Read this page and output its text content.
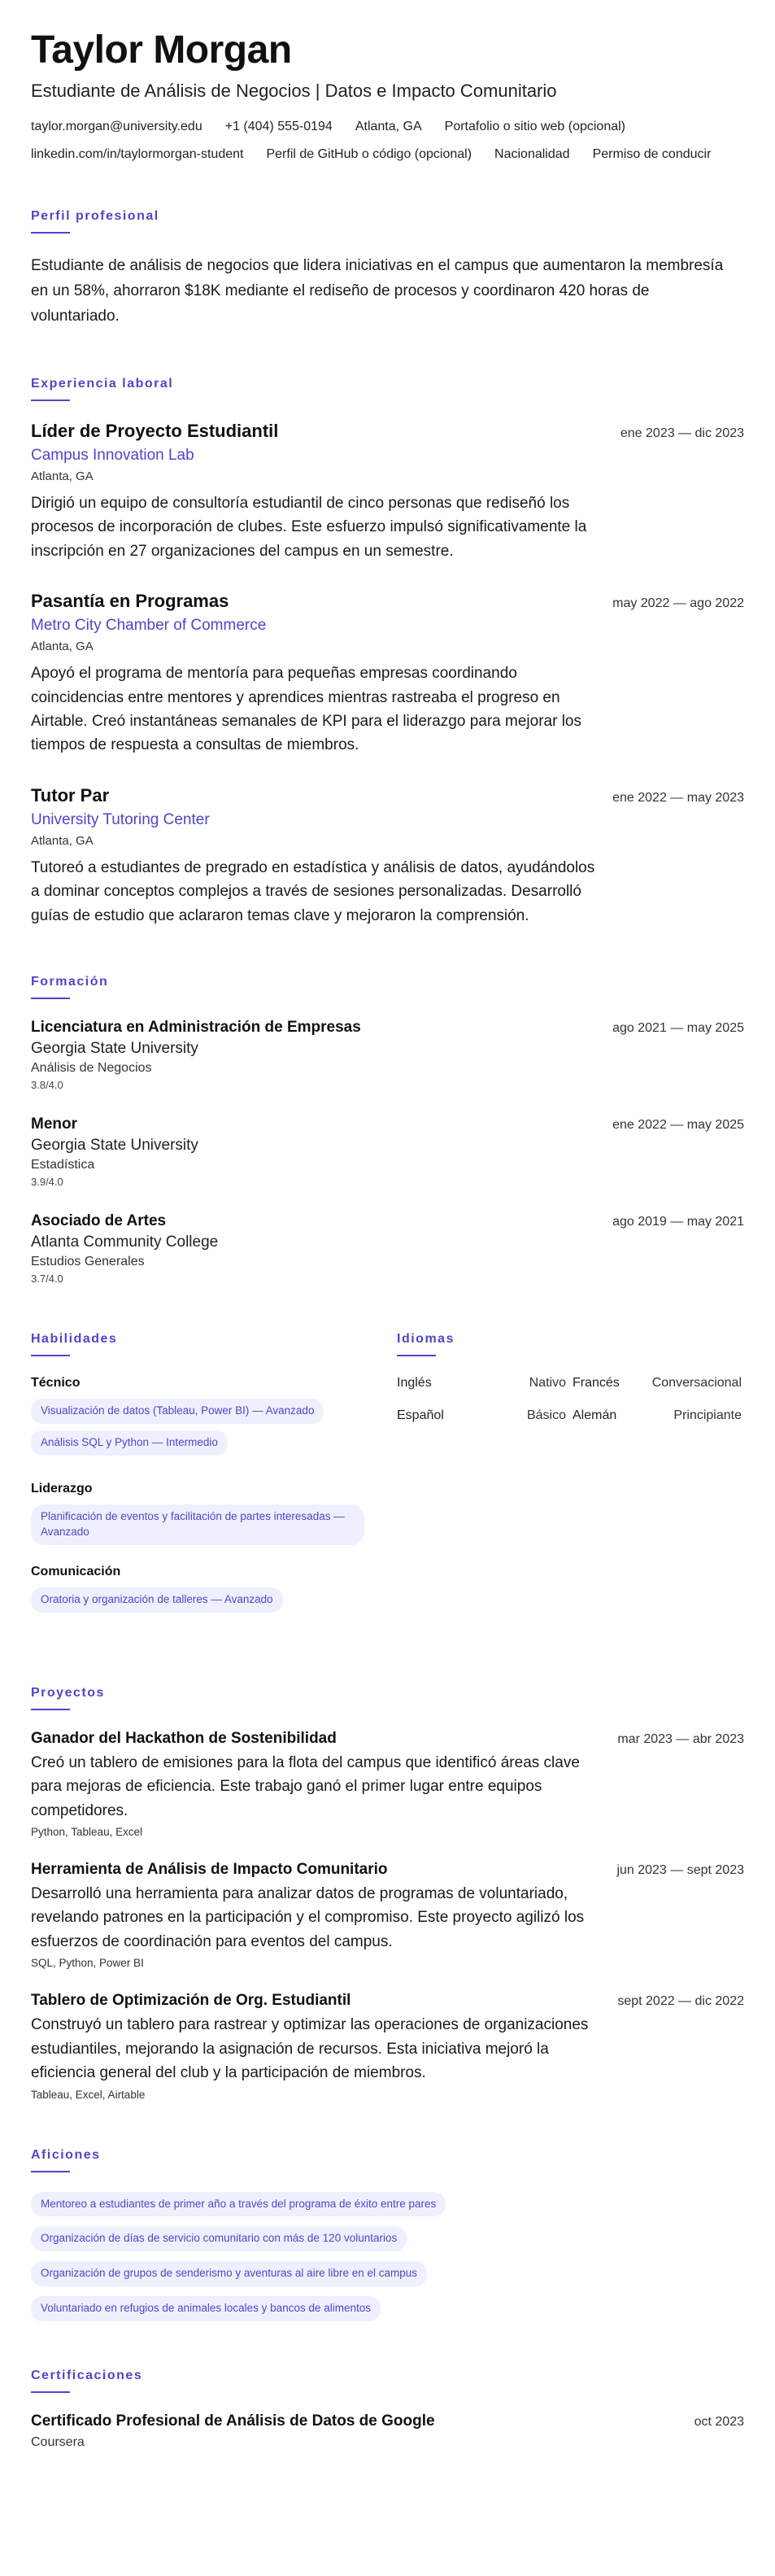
Taylor Morgan
Estudiante de Análisis de Negocios | Datos e Impacto Comunitario
taylor.morgan@university.edu +1 (404) 555-0194 Atlanta, GA Portafolio o sitio web (opcional)
linkedin.com/in/taylormorgan-student Perfil de GitHub o código (opcional) Nacionalidad Permiso de conducir
Perfil profesional
Estudiante de análisis de negocios que lidera iniciativas en el campus que aumentaron la membresía en un 58%, ahorraron $18K mediante el rediseño de procesos y coordinaron 420 horas de voluntariado.
Experiencia laboral
Líder de Proyecto Estudiantil	ene 2023 — dic 2023
Campus Innovation Lab
Atlanta, GA
Dirigió un equipo de consultoría estudiantil de cinco personas que rediseñó los procesos de incorporación de clubes. Este esfuerzo impulsó significativamente la inscripción en 27 organizaciones del campus en un semestre.
Pasantía en Programas	may 2022 — ago 2022
Metro City Chamber of Commerce
Atlanta, GA
Apoyó el programa de mentoría para pequeñas empresas coordinando coincidencias entre mentores y aprendices mientras rastreaba el progreso en Airtable. Creó instantáneas semanales de KPI para el liderazgo para mejorar los tiempos de respuesta a consultas de miembros.
Tutor Par	ene 2022 — may 2023
University Tutoring Center
Atlanta, GA
Tutoreó a estudiantes de pregrado en estadística y análisis de datos, ayudándolos a dominar conceptos complejos a través de sesiones personalizadas. Desarrolló guías de estudio que aclararon temas clave y mejoraron la comprensión.
Formación
Licenciatura en Administración de Empresas	ago 2021 — may 2025
Georgia State University
Análisis de Negocios
3.8/4.0
Menor	ene 2022 — may 2025
Georgia State University
Estadística
3.9/4.0
Asociado de Artes	ago 2019 — may 2021
Atlanta Community College
Estudios Generales
3.7/4.0
Habilidades
Técnico
Visualización de datos (Tableau, Power BI) — Avanzado
Análisis SQL y Python — Intermedio
Liderazgo
Planificación de eventos y facilitación de partes interesadas — Avanzado
Comunicación
Oratoria y organización de talleres — Avanzado
Idiomas
Inglés	Nativo Francés	Conversacional
Español	Básico Alemán	Principiante
Proyectos
Ganador del Hackathon de Sostenibilidad	mar 2023 — abr 2023
Creó un tablero de emisiones para la flota del campus que identificó áreas clave para mejoras de eficiencia. Este trabajo ganó el primer lugar entre equipos competidores.
Python, Tableau, Excel
Herramienta de Análisis de Impacto Comunitario	jun 2023 — sept 2023
Desarrolló una herramienta para analizar datos de programas de voluntariado, revelando patrones en la participación y el compromiso. Este proyecto agilizó los esfuerzos de coordinación para eventos del campus.
SQL, Python, Power BI
Tablero de Optimización de Org. Estudiantil	sept 2022 — dic 2022
Construyó un tablero para rastrear y optimizar las operaciones de organizaciones estudiantiles, mejorando la asignación de recursos. Esta iniciativa mejoró la eficiencia general del club y la participación de miembros.
Tableau, Excel, Airtable
Aficiones
Mentoreo a estudiantes de primer año a través del programa de éxito entre pares
Organización de días de servicio comunitario con más de 120 voluntarios
Organización de grupos de senderismo y aventuras al aire libre en el campus
Voluntariado en refugios de animales locales y bancos de alimentos
Certificaciones
Certificado Profesional de Análisis de Datos de Google	oct 2023
Coursera
